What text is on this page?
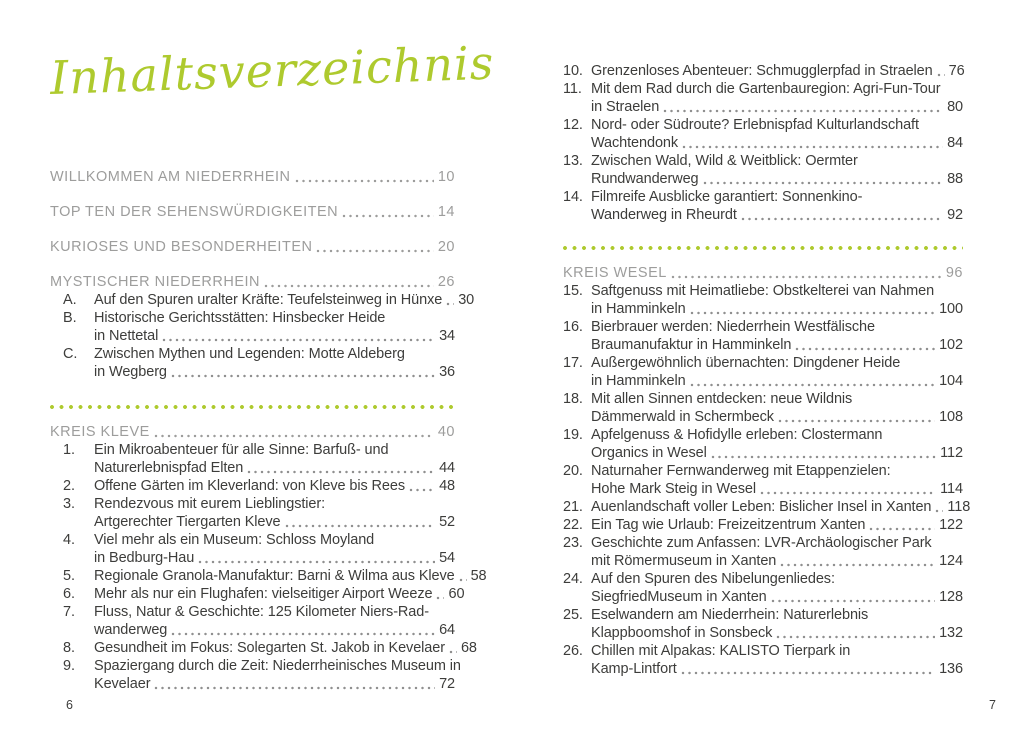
Inhaltsverzeichnis
WILLKOMMEN AM NIEDERRHEIN	10
TOP TEN DER SEHENSWÜRDIGKEITEN	14
KURIOSES UND BESONDERHEITEN	20
MYSTISCHER NIEDERRHEIN	26
A.	Auf den Spuren uralter Kräfte: Teufelsteinweg in Hünxe 30
B.	Historische Gerichtsstätten: Hinsbecker Heide
in Nettetal	34
C.	Zwischen Mythen und Legenden: Motte Aldeberg
in Wegberg	36
KREIS KLEVE	40
1.	Ein Mikroabenteuer für alle Sinne: Barfuß- und
Naturerlebnispfad Elten	44
2.	Offene Gärten im Kleverland: von Kleve bis Rees 48
3.	Rendezvous mit eurem Lieblingstier:
Artgerechter Tiergarten Kleve	52
4.	Viel mehr als ein Museum: Schloss Moyland
in Bedburg-Hau	54
5.	Regionale Granola-Manufaktur: Barni & Wilma aus Kleve 58
6.	Mehr als nur ein Flughafen: vielseitiger Airport Weeze 60
7.	Fluss, Natur & Geschichte: 125 Kilometer Niers-Rad-
wanderweg	64
8.	Gesundheit im Fokus: Solegarten St. Jakob in Kevelaer 68
9.	Spaziergang durch die Zeit: Niederrheinisches Museum in
Kevelaer	72
10. Grenzenloses Abenteuer: Schmugglerpfad in Straelen 76
11. Mit dem Rad durch die Gartenbauregion: Agri-Fun-Tour
in Straelen	80
12. Nord- oder Südroute? Erlebnispfad Kulturlandschaft
Wachtendonk	84
13. Zwischen Wald, Wild & Weitblick: Oermter
Rundwanderweg	88
14. Filmreife Ausblicke garantiert: Sonnenkino-
Wanderweg in Rheurdt	92
KREIS WESEL	96
15. Saftgenuss mit Heimatliebe: Obstkelterei van Nahmen
in Hamminkeln	100
16. Bierbrauer werden: Niederrhein Westfälische
Braumanufaktur in Hamminkeln	102
17. Außergewöhnlich übernachten: Dingdener Heide
in Hamminkeln	104
18. Mit allen Sinnen entdecken: neue Wildnis
Dämmerwald in Schermbeck	108
19. Apfelgenuss & Hofidylle erleben: Clostermann
Organics in Wesel	112
20. Naturnaher Fernwanderweg mit Etappenzielen:
Hohe Mark Steig in Wesel	114
21. Auenlandschaft voller Leben: Bislicher Insel in Xanten 118
22. Ein Tag wie Urlaub: Freizeitzentrum Xanten	122
23. Geschichte zum Anfassen: LVR-Archäologischer Park
mit Römermuseum in Xanten	124
24. Auf den Spuren des Nibelungenliedes:
SiegfriedMuseum in Xanten	128
25. Eselwandern am Niederrhein: Naturerlebnis
Klappboomshof in Sonsbeck	132
26. Chillen mit Alpakas: KALISTO Tierpark in
Kamp-Lintfort	136
6	7
